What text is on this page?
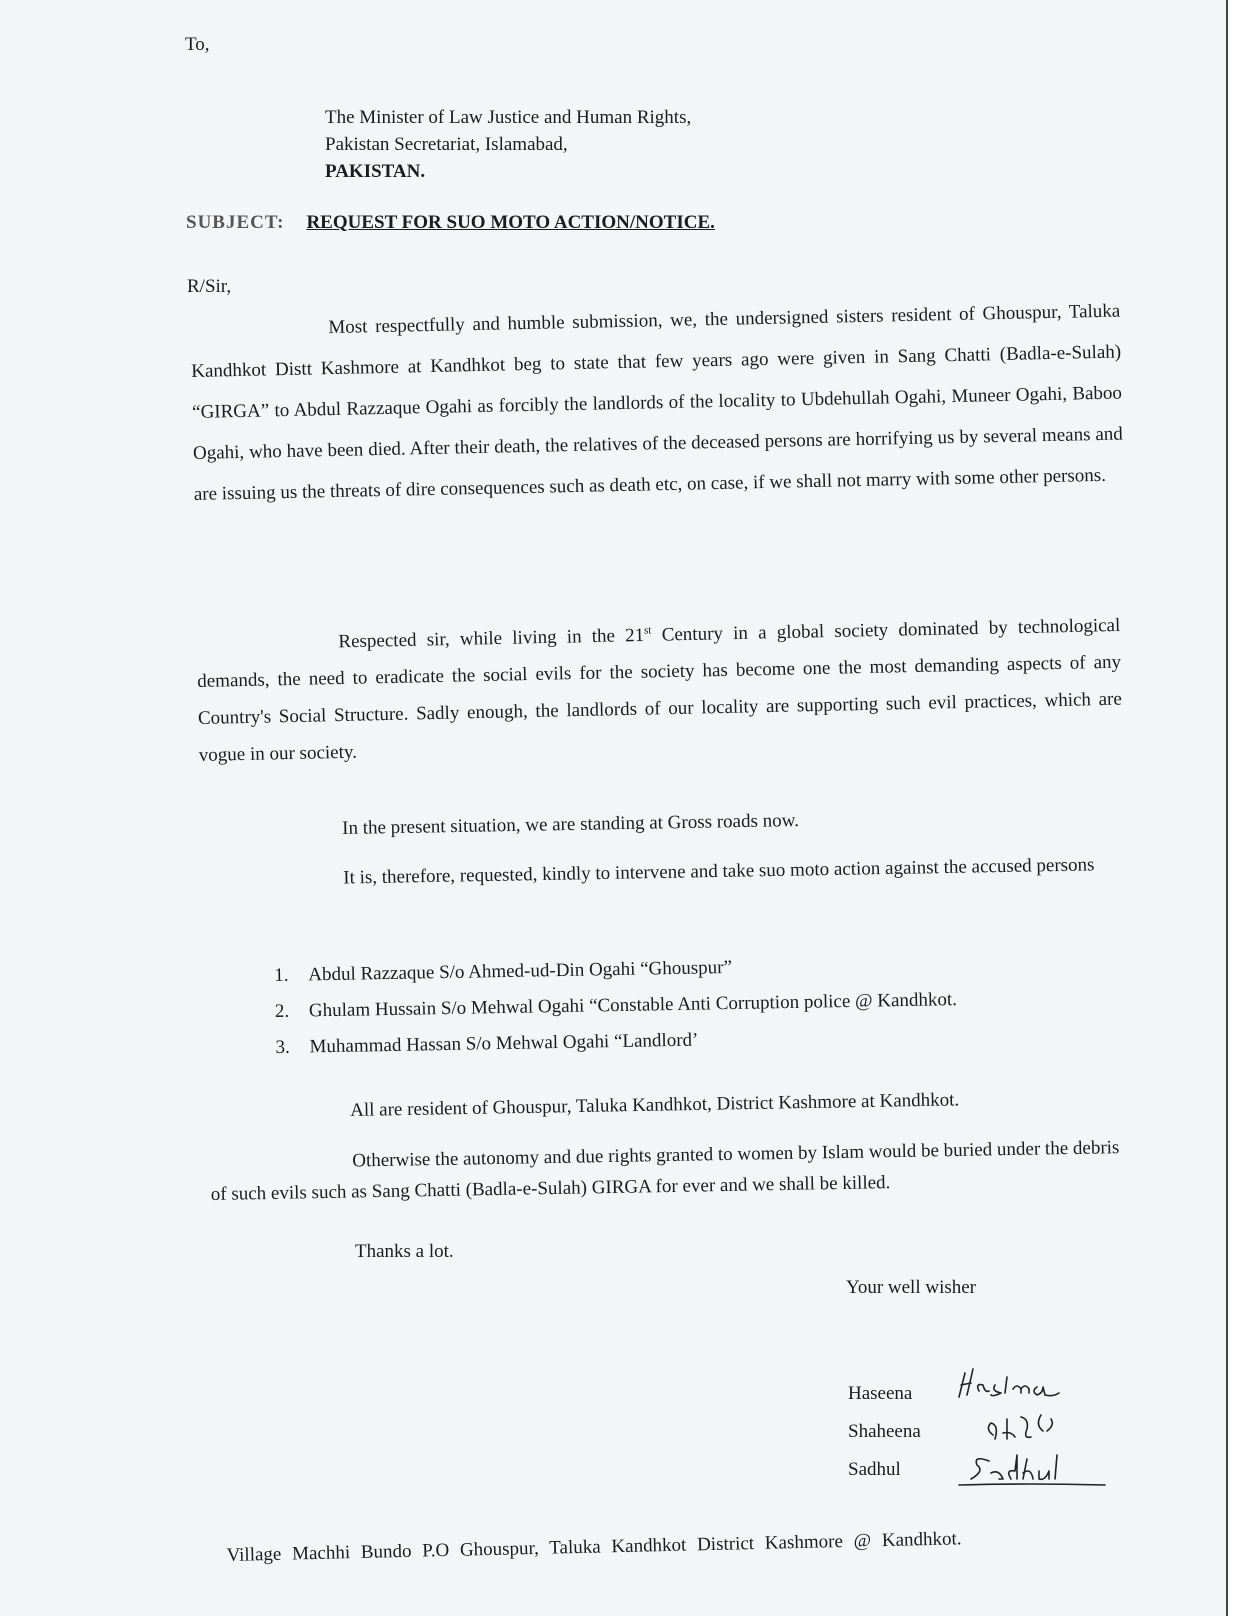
To,

The Minister of Law Justice and Human Rights,
Pakistan Secretariat, Islamabad,
PAKISTAN.
SUBJECT: REQUEST FOR SUO MOTO ACTION/NOTICE.

R/Sir,

Most respectfully and humble submission, we, the undersigned sisters resident of Ghouspur, Taluka Kandhkot Distt Kashmore at Kandhkot beg to state that few years ago were given in Sang Chatti (Badla-e-Sulah) “GIRGA” to Abdul Razzaque Ogahi as forcibly the landlords of the locality to Ubdehullah Ogahi, Muneer Ogahi, Baboo Ogahi, who have been died. After their death, the relatives of the deceased persons are horrifying us by several means and are issuing us the threats of dire consequences such as death etc, on case, if we shall not marry with some other persons.

Respected sir, while living in the 21st Century in a global society dominated by technological demands, the need to eradicate the social evils for the society has become one the most demanding aspects of any Country's Social Structure. Sadly enough, the landlords of our locality are supporting such evil practices, which are vogue in our society.

In the present situation, we are standing at Gross roads now.

It is, therefore, requested, kindly to intervene and take suo moto action against the accused persons

1. Abdul Razzaque S/o Ahmed-ud-Din Ogahi “Ghouspur”
2. Ghulam Hussain S/o Mehwal Ogahi “Constable Anti Corruption police @ Kandhkot.
3. Muhammad Hassan S/o Mehwal Ogahi “Landlord’

All are resident of Ghouspur, Taluka Kandhkot, District Kashmore at Kandhkot.

Otherwise the autonomy and due rights granted to women by Islam would be buried under the debris of such evils such as Sang Chatti (Badla-e-Sulah) GIRGA for ever and we shall be killed.

Thanks a lot.

Your well wisher

Haseena
Shaheena
Sadhul

Village Machhi Bundo P.O Ghouspur, Taluka Kandhkot District Kashmore @ Kandhkot.
